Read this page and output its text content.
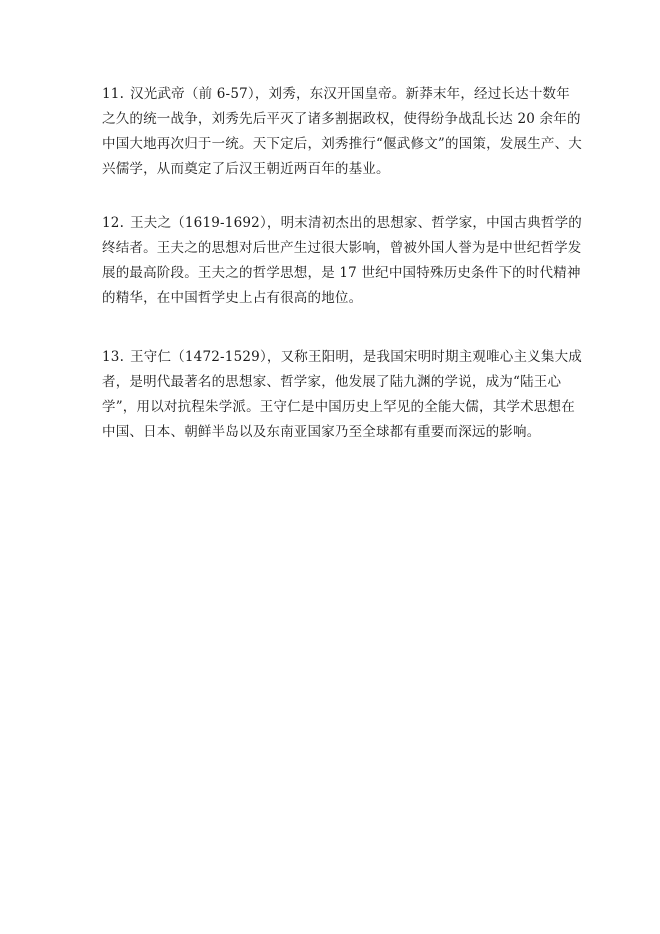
11. 汉光武帝（前 6-57），刘秀，东汉开国皇帝。新莽末年，经过长达十数年之久的统一战争，刘秀先后平灭了诸多割据政权，使得纷争战乱长达 20 余年的中国大地再次归于一统。天下定后，刘秀推行“偃武修文”的国策，发展生产、大兴儒学，从而奠定了后汉王朝近两百年的基业。

12. 王夫之（1619-1692），明末清初杰出的思想家、哲学家，中国古典哲学的终结者。王夫之的思想对后世产生过很大影响，曾被外国人誉为是中世纪哲学发展的最高阶段。王夫之的哲学思想，是 17 世纪中国特殊历史条件下的时代精神的精华，在中国哲学史上占有很高的地位。

13. 王守仁（1472-1529），又称王阳明，是我国宋明时期主观唯心主义集大成者，是明代最著名的思想家、哲学家，他发展了陆九渊的学说，成为“陆王心学”，用以对抗程朱学派。王守仁是中国历史上罕见的全能大儒，其学术思想在中国、日本、朝鲜半岛以及东南亚国家乃至全球都有重要而深远的影响。
